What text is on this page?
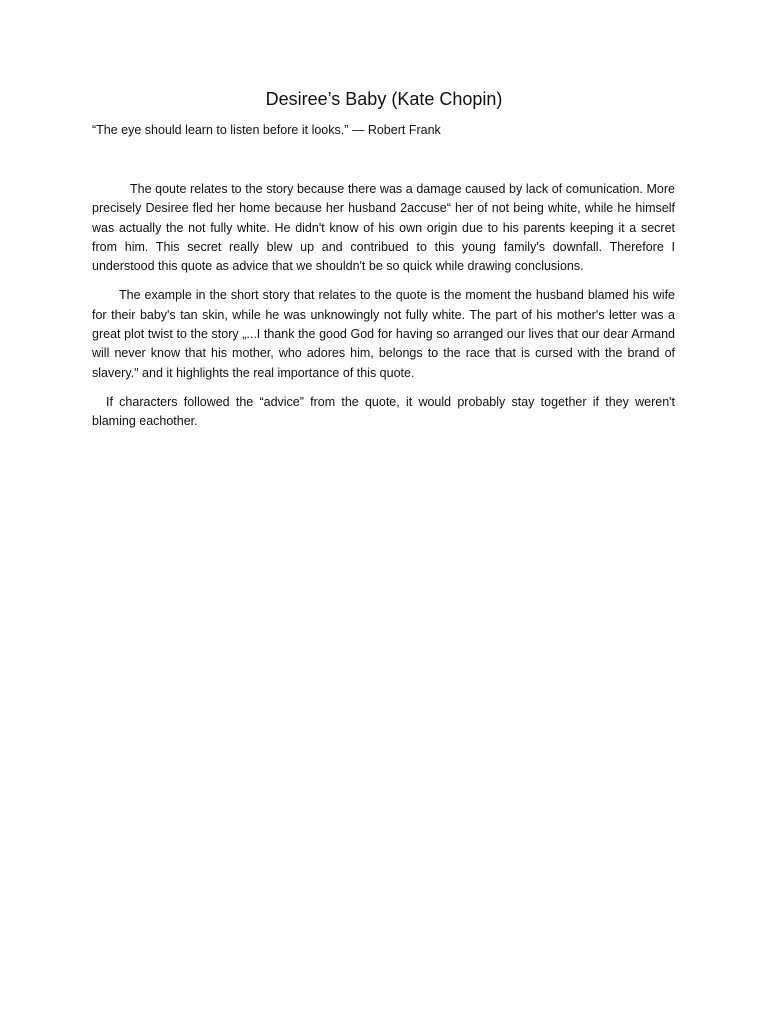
Desiree’s Baby (Kate Chopin)
“The eye should learn to listen before it looks.” — Robert Frank

The qoute relates to the story because there was a damage caused by lack of comunication. More precisely Desiree fled her home because her husband 2accuse“ her of not being white, while he himself was actually the not fully white. He didn't know of his own origin due to his parents keeping it a secret from him. This secret really blew up and contribued to this young family's downfall. Therefore I understood this quote as advice that we shouldn't be so quick while drawing conclusions.

The example in the short story that relates to the quote is the moment the husband blamed his wife for their baby's tan skin, while he was unknowingly not fully white. The part of his mother's letter was a great plot twist to the story „...I thank the good God for having so arranged our lives that our dear Armand will never know that his mother, who adores him, belongs to the race that is cursed with the brand of slavery." and it highlights the real importance of this quote.

If characters followed the “advice” from the quote, it would probably stay together if they weren't blaming eachother.
